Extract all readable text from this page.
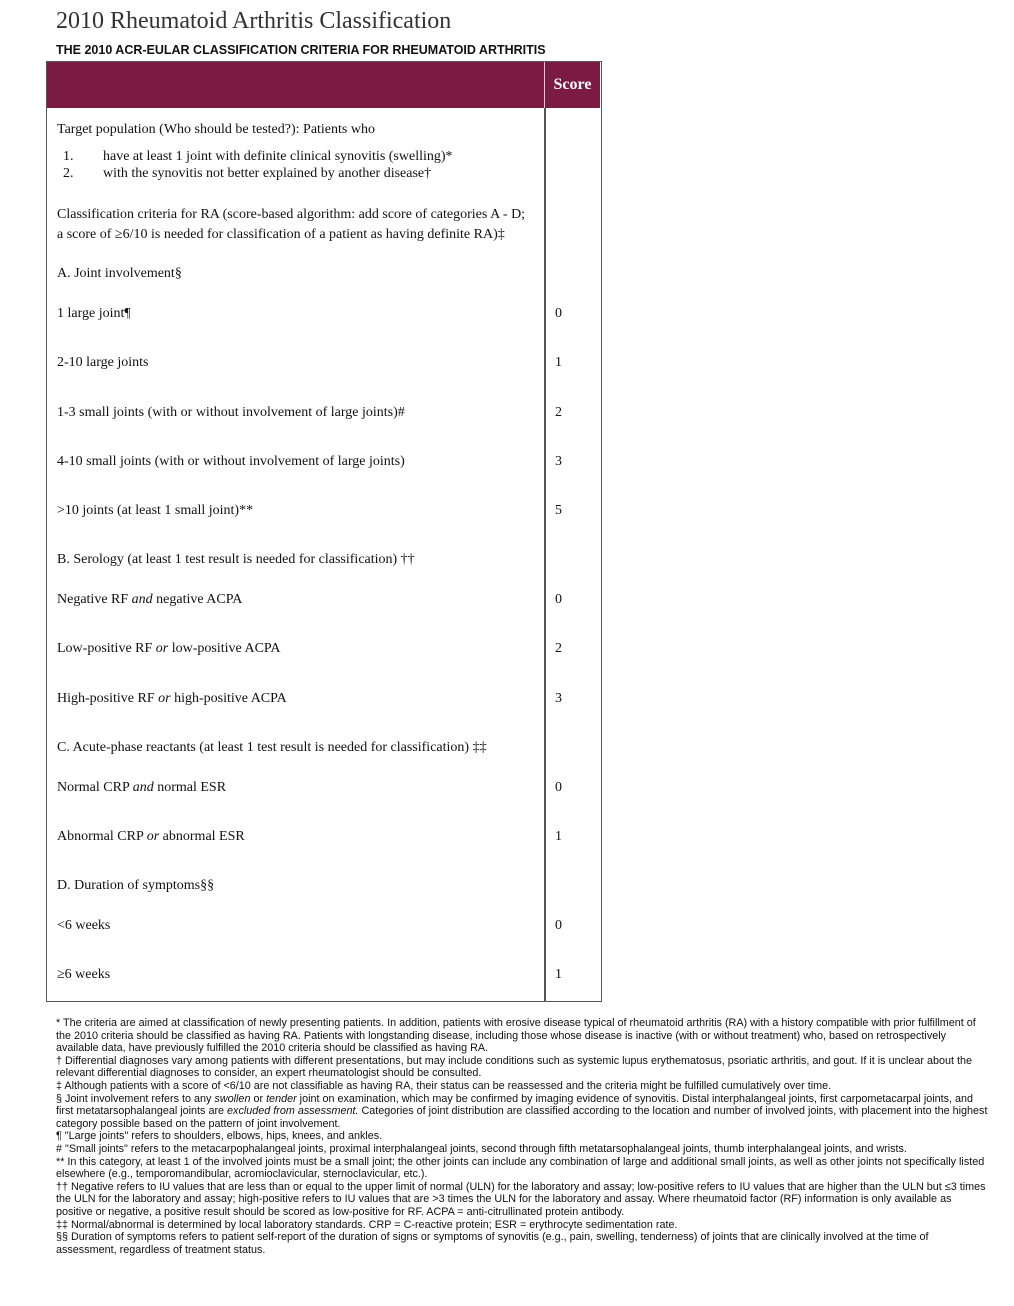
2010 Rheumatoid Arthritis Classification
THE 2010 ACR-EULAR CLASSIFICATION CRITERIA FOR RHEUMATOID ARTHRITIS
Score
Target population (Who should be tested?): Patients who
1. have at least 1 joint with definite clinical synovitis (swelling)*
2. with the synovitis not better explained by another disease†
Classification criteria for RA (score-based algorithm: add score of categories A - D;
a score of ≥6/10 is needed for classification of a patient as having definite RA)‡
A. Joint involvement§
1 large joint¶	0
2-10 large joints	1
1-3 small joints (with or without involvement of large joints)#	2
4-10 small joints (with or without involvement of large joints)	3
>10 joints (at least 1 small joint)**	5
B. Serology (at least 1 test result is needed for classification) ††
Negative RF and negative ACPA	0
Low-positive RF or low-positive ACPA	2
High-positive RF or high-positive ACPA	3
C. Acute-phase reactants (at least 1 test result is needed for classification) ‡‡
Normal CRP and normal ESR	0
Abnormal CRP or abnormal ESR	1
D. Duration of symptoms§§
<6 weeks	0
≥6 weeks	1

* The criteria are aimed at classification of newly presenting patients. In addition, patients with erosive disease typical of rheumatoid arthritis (RA) with a history compatible with prior fulfillment of the 2010 criteria should be classified as having RA. Patients with longstanding disease, including those whose disease is inactive (with or without treatment) who, based on retrospectively available data, have previously fulfilled the 2010 criteria should be classified as having RA.

† Differential diagnoses vary among patients with different presentations, but may include conditions such as systemic lupus erythematosus, psoriatic arthritis, and gout. If it is unclear about the relevant differential diagnoses to consider, an expert rheumatologist should be consulted.

‡ Although patients with a score of <6/10 are not classifiable as having RA, their status can be reassessed and the criteria might be fulfilled cumulatively over time.

§ Joint involvement refers to any swollen or tender joint on examination, which may be confirmed by imaging evidence of synovitis. Distal interphalangeal joints, first carpometacarpal joints, and first metatarsophalangeal joints are excluded from assessment. Categories of joint distribution are classified according to the location and number of involved joints, with placement into the highest category possible based on the pattern of joint involvement.

¶ "Large joints" refers to shoulders, elbows, hips, knees, and ankles.

# "Small joints" refers to the metacarpophalangeal joints, proximal interphalangeal joints, second through fifth metatarsophalangeal joints, thumb interphalangeal joints, and wrists.

** In this category, at least 1 of the involved joints must be a small joint; the other joints can include any combination of large and additional small joints, as well as other joints not specifically listed elsewhere (e.g., temporomandibular, acromioclavicular, sternoclavicular, etc.).

†† Negative refers to IU values that are less than or equal to the upper limit of normal (ULN) for the laboratory and assay; low-positive refers to IU values that are higher than the ULN but ≤3 times the ULN for the laboratory and assay; high-positive refers to IU values that are >3 times the ULN for the laboratory and assay. Where rheumatoid factor (RF) information is only available as positive or negative, a positive result should be scored as low-positive for RF. ACPA = anti-citrullinated protein antibody.

‡‡ Normal/abnormal is determined by local laboratory standards. CRP = C-reactive protein; ESR = erythrocyte sedimentation rate.

§§ Duration of symptoms refers to patient self-report of the duration of signs or symptoms of synovitis (e.g., pain, swelling, tenderness) of joints that are clinically involved at the time of assessment, regardless of treatment status.
